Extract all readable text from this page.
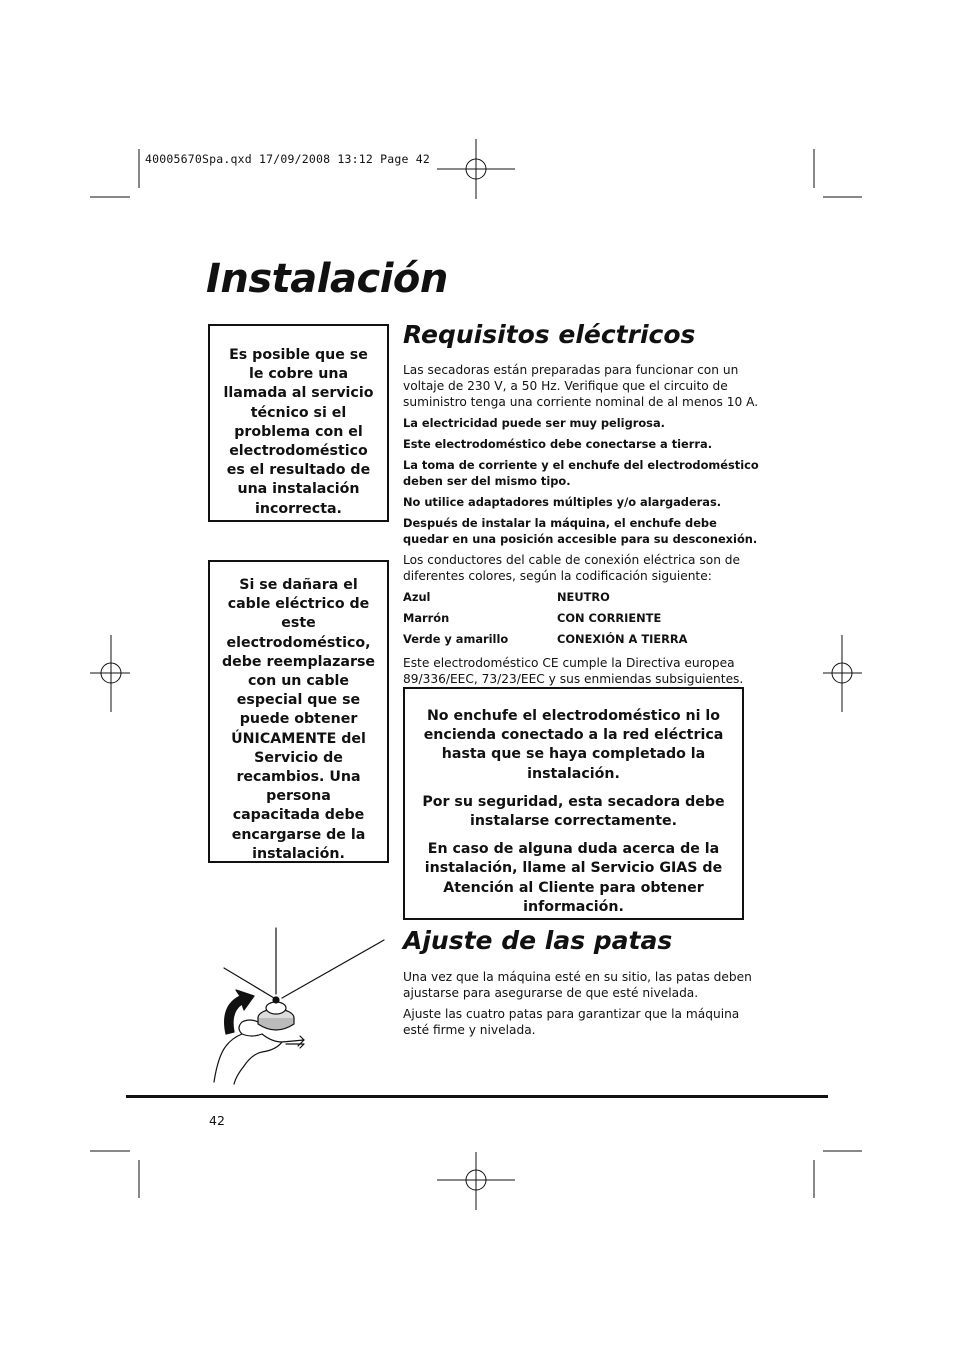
40005670Spa.qxd 17/09/2008 13:12 Page 42
Instalación

Es posible que se le cobre una llamada al servicio técnico si el problema con el electrodoméstico es el resultado de una instalación incorrecta.

Si se dañara el cable eléctrico de este electrodoméstico, debe reemplazarse con un cable especial que se puede obtener ÚNICAMENTE del Servicio de recambios. Una persona capacitada debe encargarse de la instalación.

Requisitos eléctricos

Las secadoras están preparadas para funcionar con un voltaje de 230 V, a 50 Hz. Verifique que el circuito de suministro tenga una corriente nominal de al menos 10 A.

La electricidad puede ser muy peligrosa.

Este electrodoméstico debe conectarse a tierra.

La toma de corriente y el enchufe del electrodoméstico deben ser del mismo tipo.

No utilice adaptadores múltiples y/o alargaderas.

Después de instalar la máquina, el enchufe debe quedar en una posición accesible para su desconexión.

Los conductores del cable de conexión eléctrica son de diferentes colores, según la codificación siguiente:

Azul	NEUTRO
Marrón	CON CORRIENTE
Verde y amarillo	CONEXIÓN A TIERRA

Este electrodoméstico CE cumple la Directiva europea 89/336/EEC, 73/23/EEC y sus enmiendas subsiguientes.

No enchufe el electrodoméstico ni lo encienda conectado a la red eléctrica hasta que se haya completado la instalación.

Por su seguridad, esta secadora debe instalarse correctamente.

En caso de alguna duda acerca de la instalación, llame al Servicio GIAS de Atención al Cliente para obtener información.

Ajuste de las patas

Una vez que la máquina esté en su sitio, las patas deben ajustarse para asegurarse de que esté nivelada.

Ajuste las cuatro patas para garantizar que la máquina esté firme y nivelada.

42
